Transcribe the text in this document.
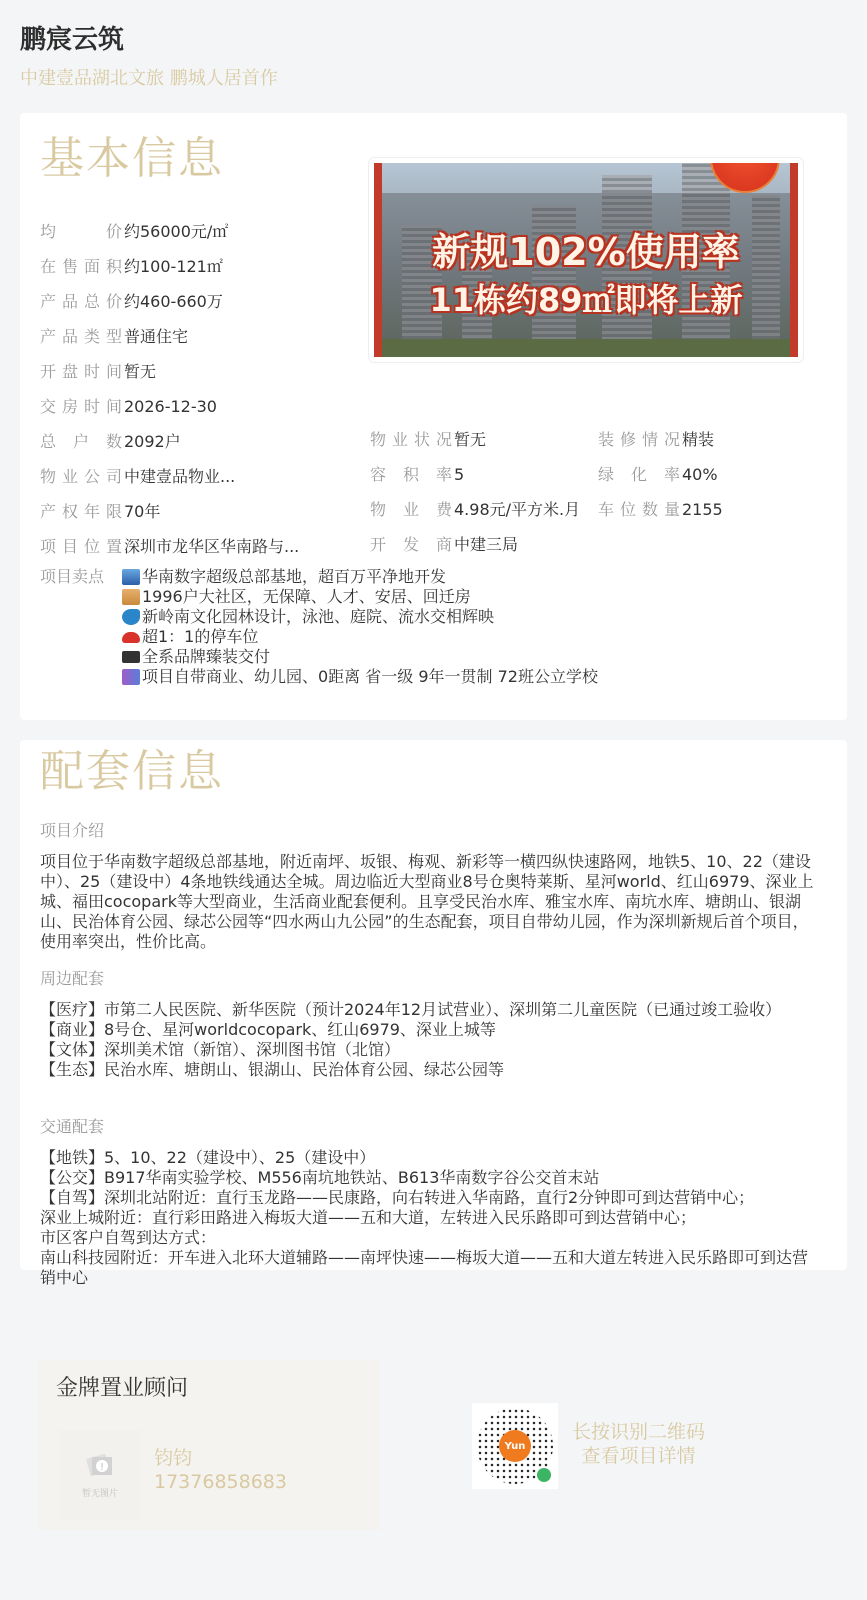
鹏宸云筑
中建壹品湖北文旅 鹏城人居首作
基本信息
新规102%使用率
11栋约89㎡即将上新
均　　价 约56000元/㎡
在售面积 约100-121㎡
产品总价 约460-660万
产品类型 普通住宅
开盘时间 暂无
交房时间 2026-12-30
总 户 数 2092户
物业公司 中建壹品物业...
产权年限 70年
项目位置 深圳市龙华区华南路与...
物业状况 暂无
容 积 率 5
物 业 费 4.98元/平方米.月
开 发 商 中建三局
装修情况 精装
绿 化 率 40%
车位数量 2155
项目卖点	华南数字超级总部基地，超百万平净地开发
1996户大社区，无保障、人才、安居、回迁房
新岭南文化园林设计，泳池、庭院、流水交相辉映
超1：1的停车位
全系品牌臻装交付
项目自带商业、幼儿园、0距离 省一级 9年一贯制 72班公立学校
配套信息
项目介绍

项目位于华南数字超级总部基地，附近南坪、坂银、梅观、新彩等一横四纵快速路网，地铁5、10、22（建设中）、25（建设中）4条地铁线通达全城。周边临近大型商业8号仓奥特莱斯、星河world、红山6979、深业上城、福田cocopark等大型商业，生活商业配套便利。且享受民治水库、雅宝水库、南坑水库、塘朗山、银湖山、民治体育公园、绿芯公园等“四水两山九公园”的生态配套，项目自带幼儿园，作为深圳新规后首个项目，使用率突出，性价比高。

周边配套

【医疗】市第二人民医院、新华医院（预计2024年12月试营业）、深圳第二儿童医院（已通过竣工验收）

【商业】8号仓、星河worldcocopark、红山6979、深业上城等

【文体】深圳美术馆（新馆）、深圳图书馆（北馆）

【生态】民治水库、塘朗山、银湖山、民治体育公园、绿芯公园等

交通配套

【地铁】5、10、22（建设中）、25（建设中）

【公交】B917华南实验学校、M556南坑地铁站、B613华南数字谷公交首末站

【自驾】深圳北站附近：直行玉龙路——民康路，向右转进入华南路，直行2分钟即可到达营销中心；

深业上城附近：直行彩田路进入梅坂大道——五和大道，左转进入民乐路即可到达营销中心；

市区客户自驾到达方式：

南山科技园附近：开车进入北环大道辅路——南坪快速——梅坂大道——五和大道左转进入民乐路即可到达营销中心

金牌置业顾问
!
暂无图片
钧钧
17376858683
Yun
长按识别二维码
查看项目详情
